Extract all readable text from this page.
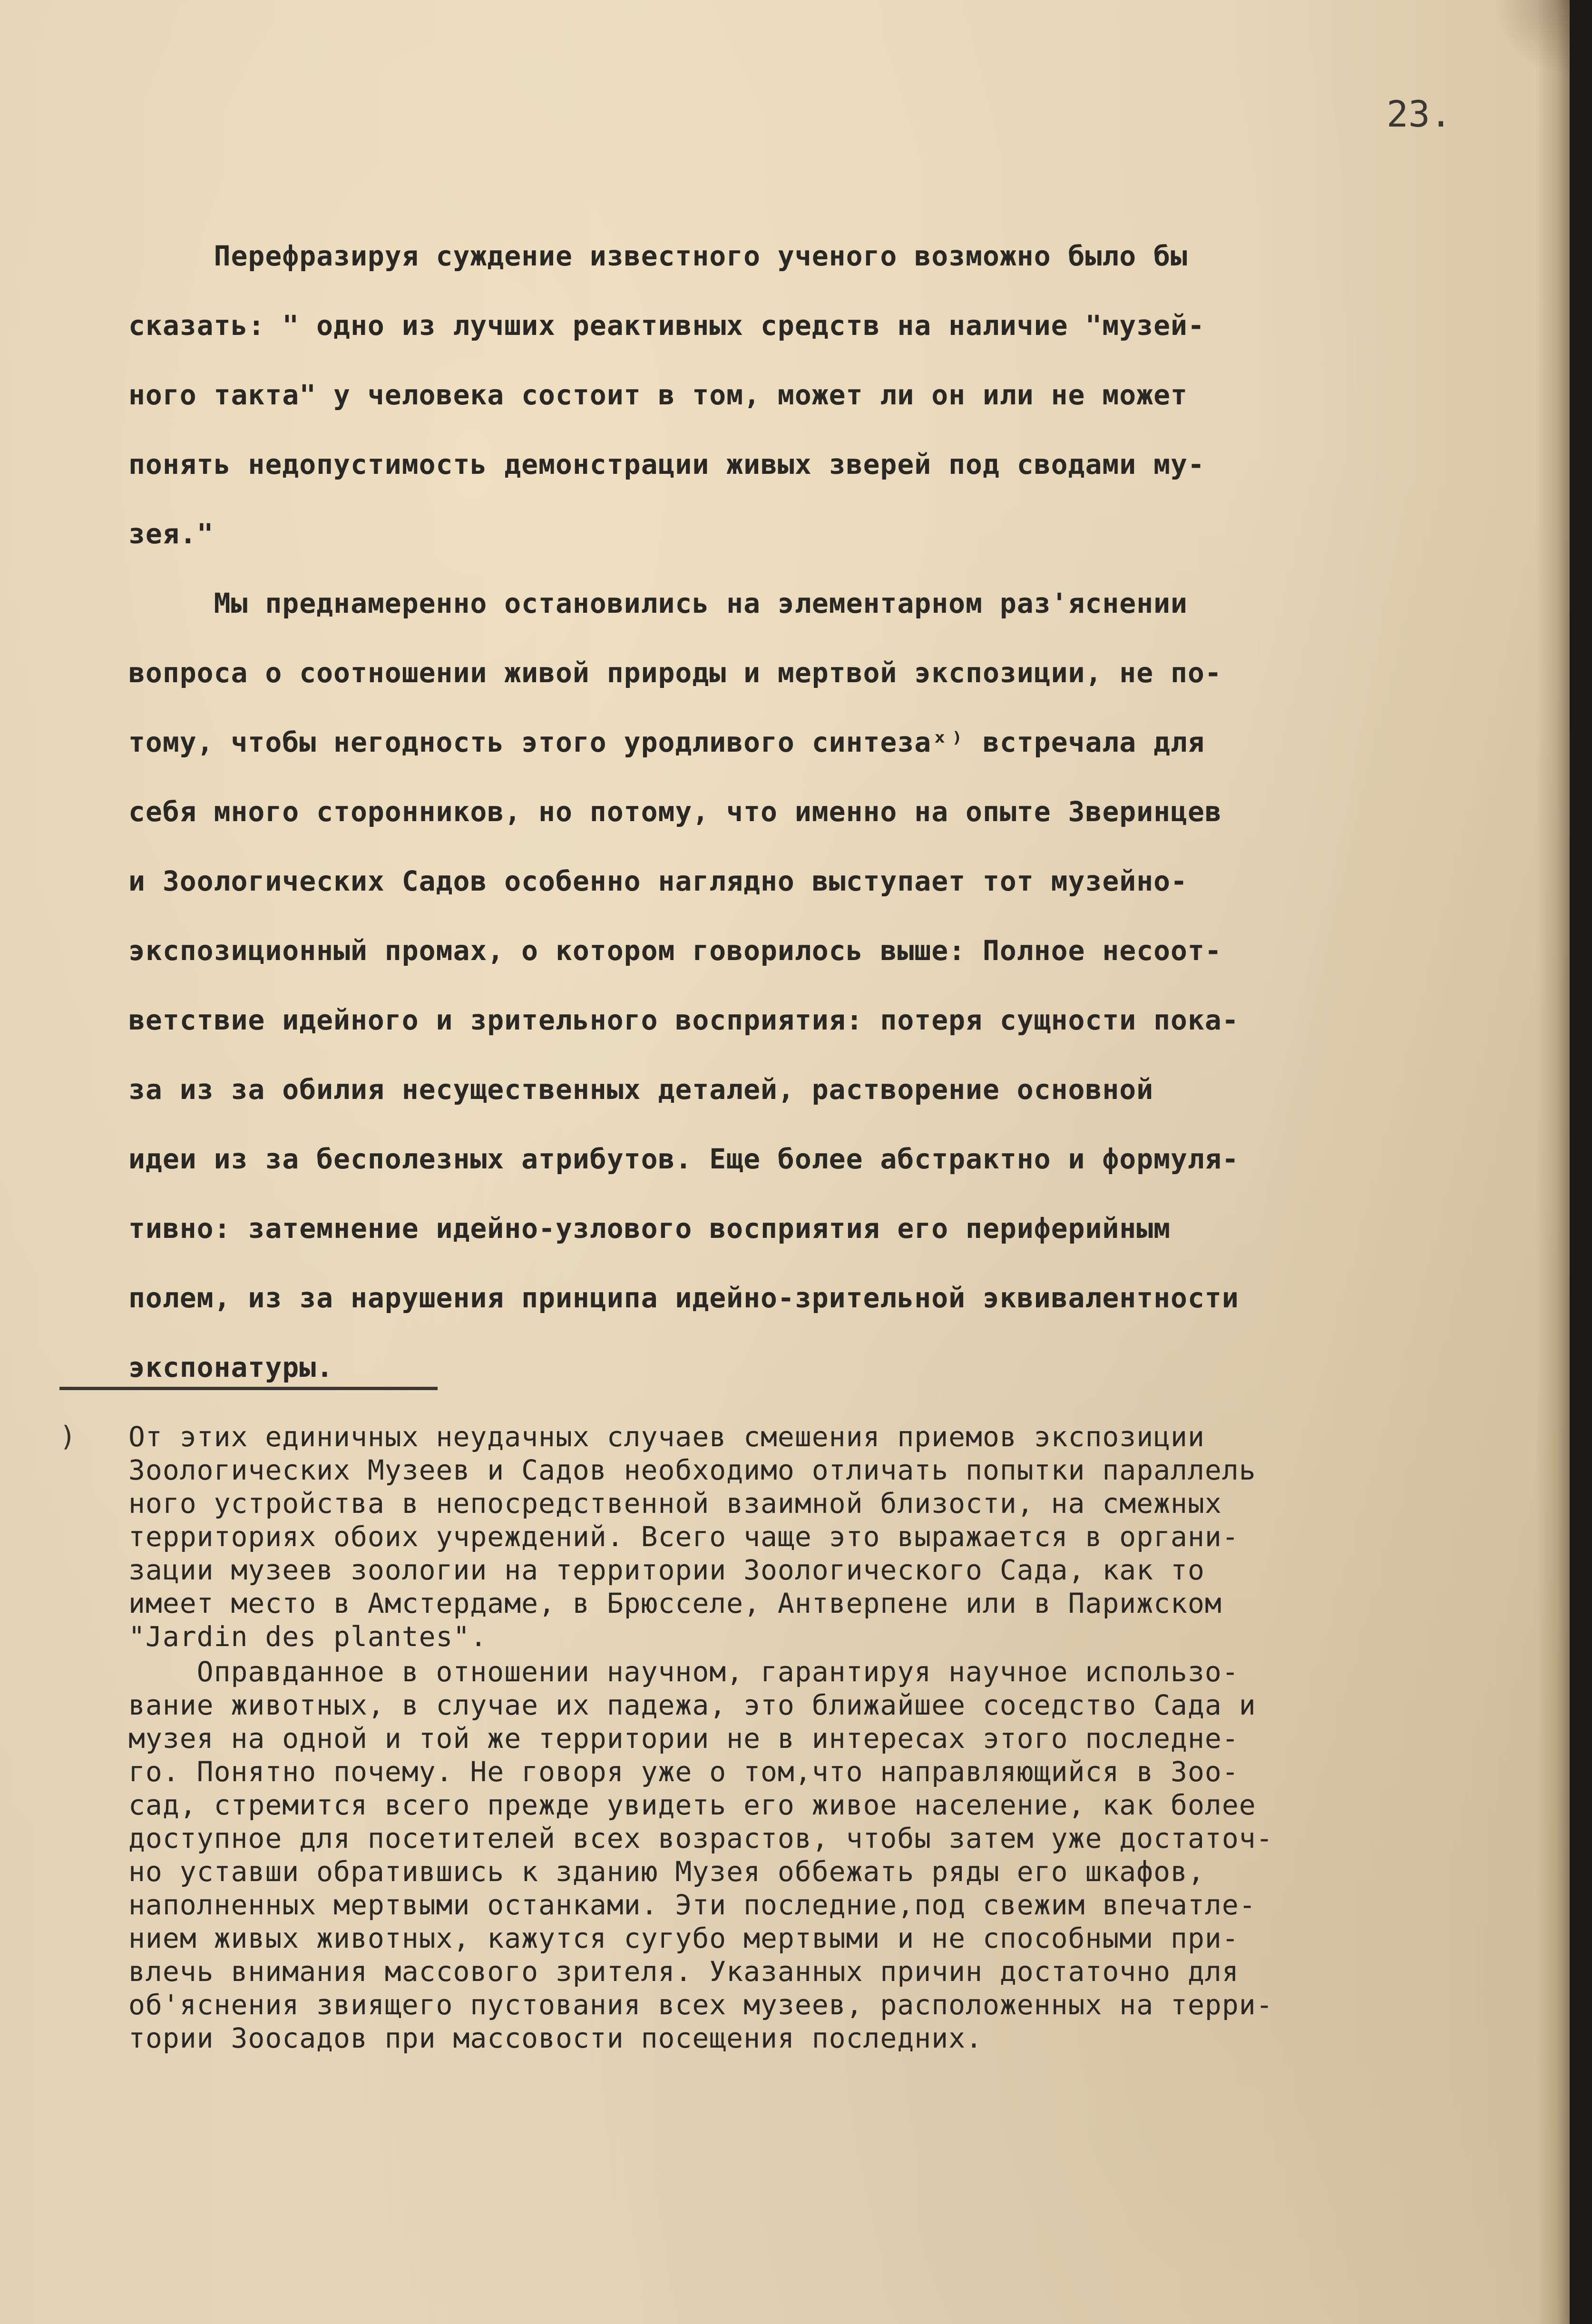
23.
Перефразируя суждение известного ученого возможно было бы
сказать: " одно из лучших реактивных средств на наличие "музей-
ного такта" у человека состоит в том, может ли он или не может
понять недопустимость демонстрации живых зверей под сводами му-
зея."
Мы преднамеренно остановились на элементарном раз'яснении
вопроса о соотношении живой природы и мертвой экспозиции, не по-
тому, чтобы негодность этого уродливого синтезаˣ⁾ встречала для
себя много сторонников, но потому, что именно на опыте Зверинцев
и Зоологических Садов особенно наглядно выступает тот музейно-
экспозиционный промах, о котором говорилось выше: Полное несоот-
ветствие идейного и зрительного восприятия: потеря сущности пока-
за из за обилия несущественных деталей, растворение основной
идеи из за бесполезных атрибутов. Еще более абстрактно и формуля-
тивно: затемнение идейно-узлового восприятия его периферийным
полем, из за нарушения принципа идейно-зрительной эквивалентности
экспонатуры.
)	От этих единичных неудачных случаев смешения приемов экспозиции
Зоологических Музеев и Садов необходимо отличать попытки параллель
ного устройства в непосредственной взаимной близости, на смежных
территориях обоих учреждений. Всего чаще это выражается в органи-
зации музеев зоологии на территории Зоологического Сада, как то
имеет место в Амстердаме, в Брюсселе, Антверпене или в Парижском
"Jardin des plantes".
Оправданное в отношении научном, гарантируя научное использо-
вание животных, в случае их падежа, это ближайшее соседство Сада и
музея на одной и той же территории не в интересах этого последне-
го. Понятно почему. Не говоря уже о том,что направляющийся в Зоо-
сад, стремится всего прежде увидеть его живое население, как более
доступное для посетителей всех возрастов, чтобы затем уже достаточ-
но уставши обратившись к зданию Музея оббежать ряды его шкафов,
наполненных мертвыми останками. Эти последние,под свежим впечатле-
нием живых животных, кажутся сугубо мертвыми и не способными при-
влечь внимания массового зрителя. Указанных причин достаточно для
об'яснения звиящего пустования всех музеев, расположенных на терри-
тории Зоосадов при массовости посещения последних.
